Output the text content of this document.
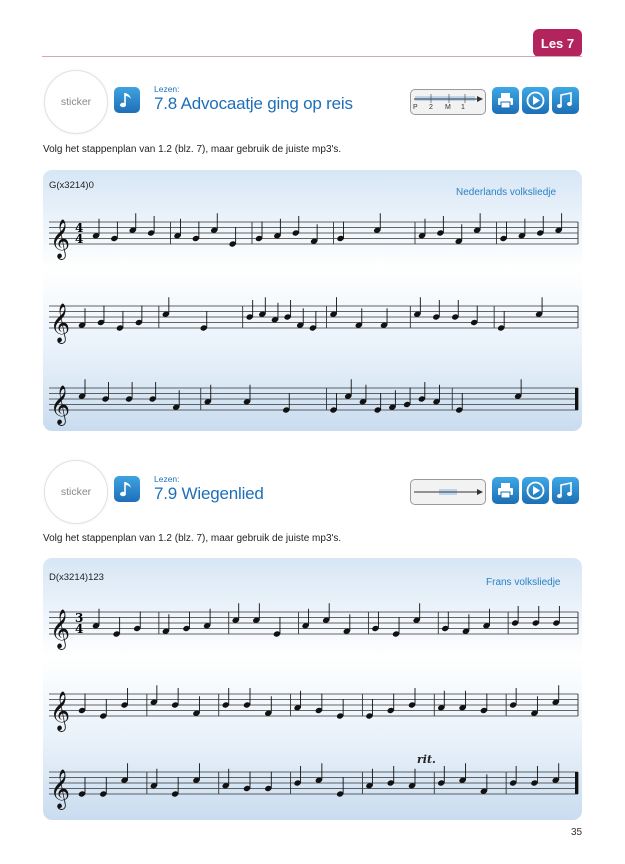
Les 7
sticker
Lezen:
7.8 Advocaatje ging op reis	P 2 M 1
Volg het stappenplan van 1.2 (blz. 7), maar gebruik de juiste mp3's.
G(x3214)0
Nederlands volksliedje
𝄞 4
4
𝄞
𝄞
sticker
Lezen:
7.9 Wiegenlied
Volg het stappenplan van 1.2 (blz. 7), maar gebruik de juiste mp3's.
D(x3214)123	Frans volksliedje
rit.
𝄞 3
4
𝄞
𝄞
35
